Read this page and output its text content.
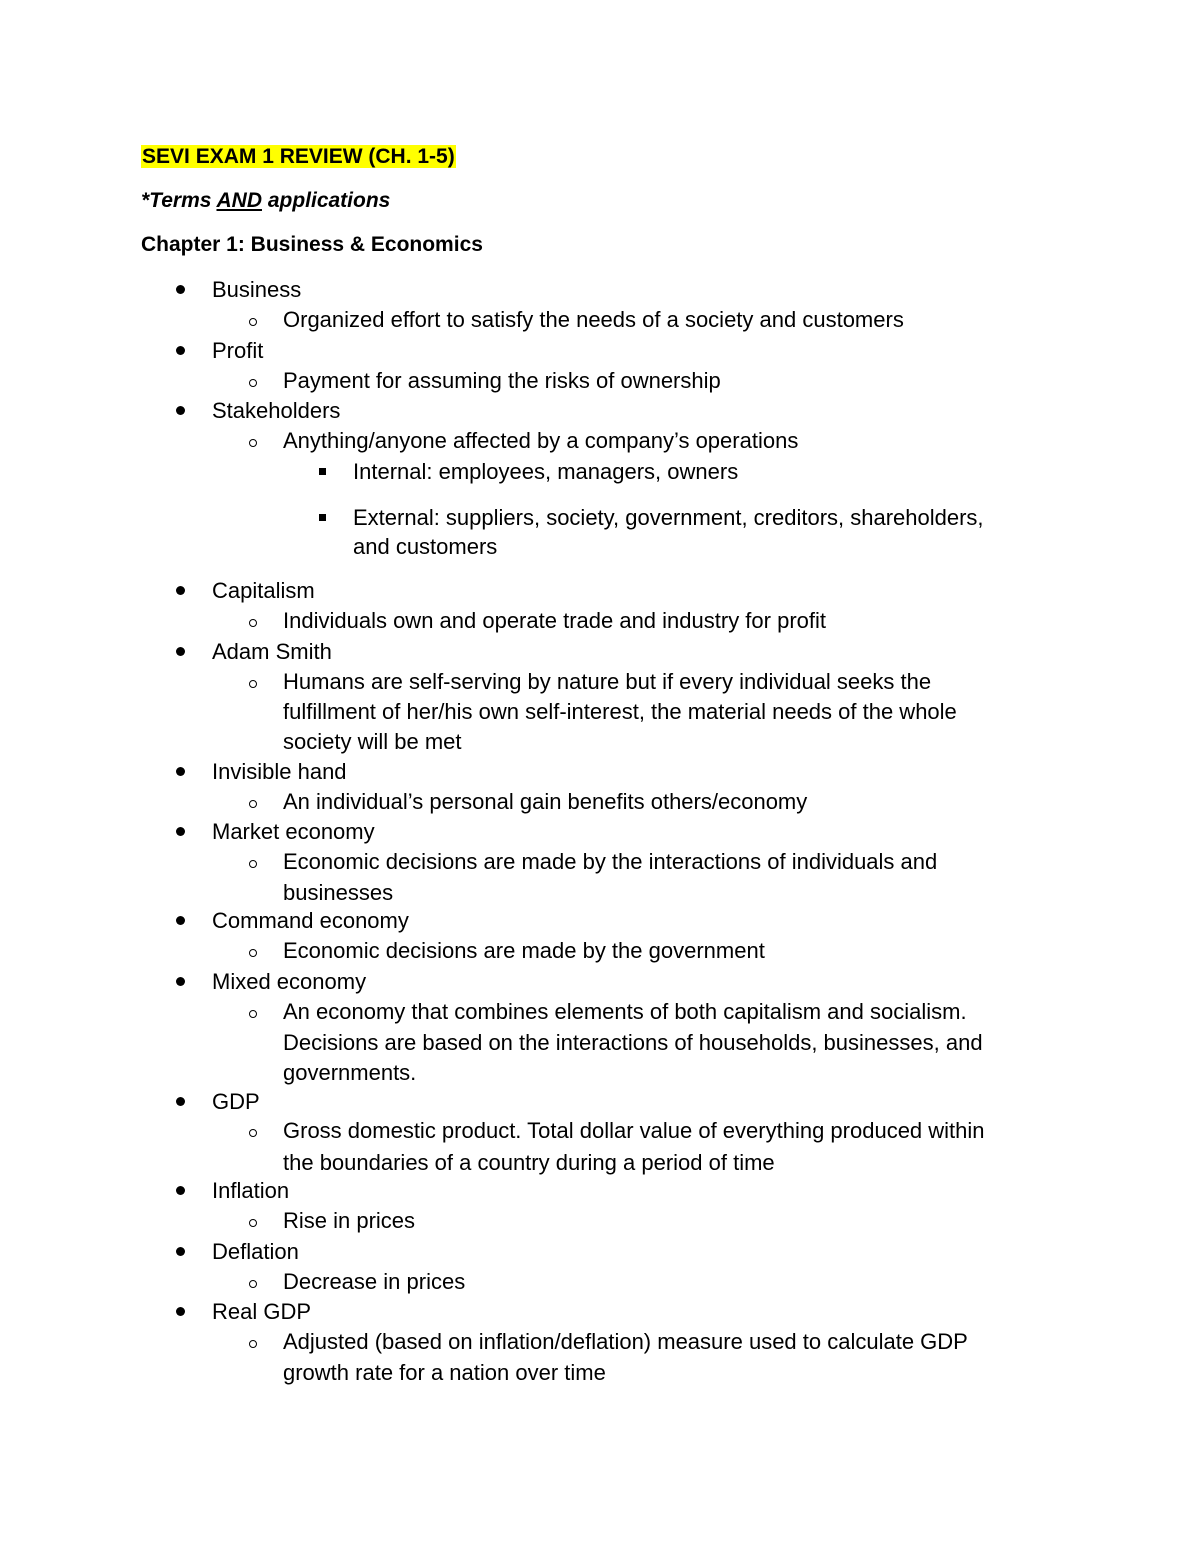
SEVI EXAM 1 REVIEW (CH. 1-5)
*Terms AND applications
Chapter 1: Business & Economics
Business
Organized effort to satisfy the needs of a society and customers
Profit
Payment for assuming the risks of ownership
Stakeholders
Anything/anyone affected by a company’s operations
Internal: employees, managers, owners
External: suppliers, society, government, creditors, shareholders,
and customers
Capitalism
Individuals own and operate trade and industry for profit
Adam Smith
Humans are self-serving by nature but if every individual seeks the
fulfillment of her/his own self-interest, the material needs of the whole
society will be met
Invisible hand
An individual’s personal gain benefits others/economy
Market economy
Economic decisions are made by the interactions of individuals and
businesses
Command economy
Economic decisions are made by the government
Mixed economy
An economy that combines elements of both capitalism and socialism.
Decisions are based on the interactions of households, businesses, and
governments.
GDP
Gross domestic product. Total dollar value of everything produced within
the boundaries of a country during a period of time
Inflation
Rise in prices
Deflation
Decrease in prices
Real GDP
Adjusted (based on inflation/deflation) measure used to calculate GDP
growth rate for a nation over time
